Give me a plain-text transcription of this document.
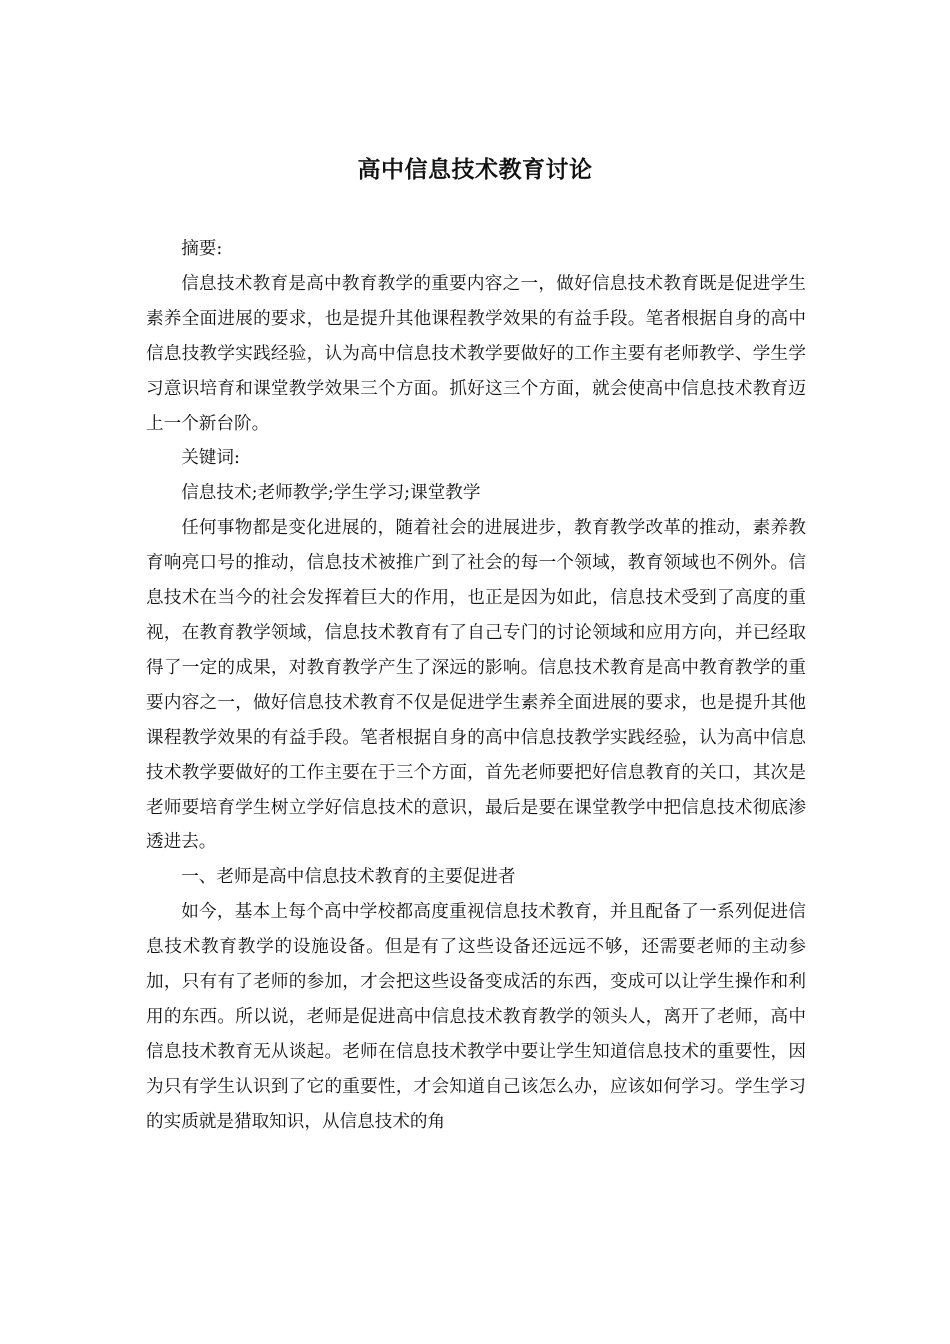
高中信息技术教育讨论

摘要:

信息技术教育是高中教育教学的重要内容之一，做好信息技术教育既是促进学生素养全面进展的要求，也是提升其他课程教学效果的有益手段。笔者根据自身的高中信息技教学实践经验，认为高中信息技术教学要做好的工作主要有老师教学、学生学习意识培育和课堂教学效果三个方面。抓好这三个方面，就会使高中信息技术教育迈上一个新台阶。

关键词:

信息技术;老师教学;学生学习;课堂教学

任何事物都是变化进展的，随着社会的进展进步，教育教学改革的推动，素养教育响亮口号的推动，信息技术被推广到了社会的每一个领域，教育领域也不例外。信息技术在当今的社会发挥着巨大的作用，也正是因为如此，信息技术受到了高度的重视，在教育教学领域，信息技术教育有了自己专门的讨论领域和应用方向，并已经取得了一定的成果，对教育教学产生了深远的影响。信息技术教育是高中教育教学的重要内容之一，做好信息技术教育不仅是促进学生素养全面进展的要求，也是提升其他课程教学效果的有益手段。笔者根据自身的高中信息技教学实践经验，认为高中信息技术教学要做好的工作主要在于三个方面，首先老师要把好信息教育的关口，其次是老师要培育学生树立学好信息技术的意识，最后是要在课堂教学中把信息技术彻底渗透进去。

一、老师是高中信息技术教育的主要促进者

如今，基本上每个高中学校都高度重视信息技术教育，并且配备了一系列促进信息技术教育教学的设施设备。但是有了这些设备还远远不够，还需要老师的主动参加，只有有了老师的参加，才会把这些设备变成活的东西，变成可以让学生操作和利用的东西。所以说，老师是促进高中信息技术教育教学的领头人，离开了老师，高中信息技术教育无从谈起。老师在信息技术教学中要让学生知道信息技术的重要性，因为只有学生认识到了它的重要性，才会知道自己该怎么办，应该如何学习。学生学习的实质就是猎取知识，从信息技术的角
